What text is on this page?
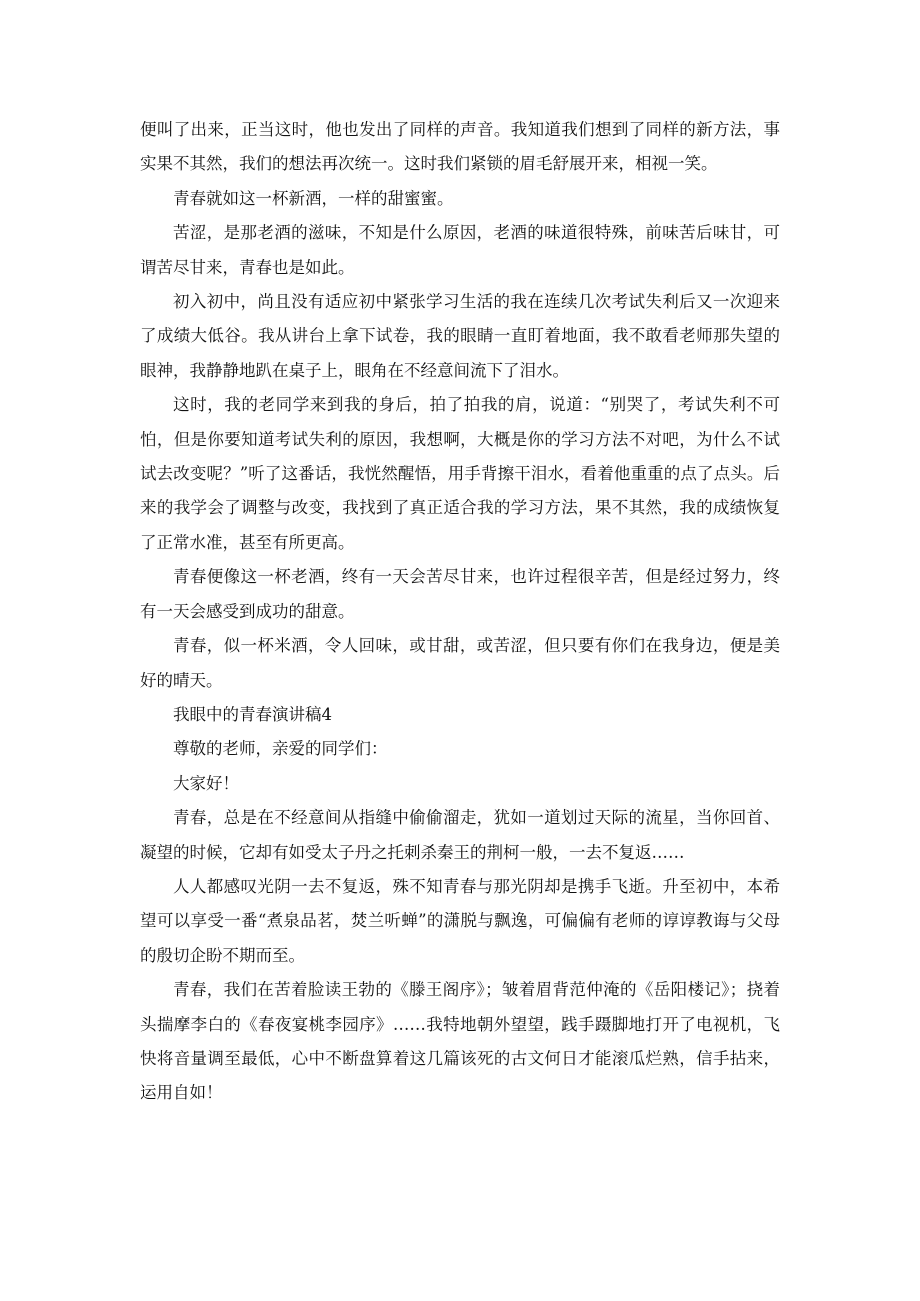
便叫了出来，正当这时，他也发出了同样的声音。我知道我们想到了同样的新方法，事实果不其然，我们的想法再次统一。这时我们紧锁的眉毛舒展开来，相视一笑。

青春就如这一杯新酒，一样的甜蜜蜜。

苦涩，是那老酒的滋味，不知是什么原因，老酒的味道很特殊，前味苦后味甘，可谓苦尽甘来，青春也是如此。

初入初中，尚且没有适应初中紧张学习生活的我在连续几次考试失利后又一次迎来了成绩大低谷。我从讲台上拿下试卷，我的眼睛一直盯着地面，我不敢看老师那失望的眼神，我静静地趴在桌子上，眼角在不经意间流下了泪水。

这时，我的老同学来到我的身后，拍了拍我的肩，说道：“别哭了，考试失利不可怕，但是你要知道考试失利的原因，我想啊，大概是你的学习方法不对吧，为什么不试试去改变呢？”听了这番话，我恍然醒悟，用手背擦干泪水，看着他重重的点了点头。后来的我学会了调整与改变，我找到了真正适合我的学习方法，果不其然，我的成绩恢复了正常水准，甚至有所更高。

青春便像这一杯老酒，终有一天会苦尽甘来，也许过程很辛苦，但是经过努力，终有一天会感受到成功的甜意。

青春，似一杯米酒，令人回味，或甘甜，或苦涩，但只要有你们在我身边，便是美好的晴天。

我眼中的青春演讲稿4

尊敬的老师，亲爱的同学们：

大家好！

青春，总是在不经意间从指缝中偷偷溜走，犹如一道划过天际的流星，当你回首、凝望的时候，它却有如受太子丹之托刺杀秦王的荆柯一般，一去不复返……

人人都感叹光阴一去不复返，殊不知青春与那光阴却是携手飞逝。升至初中，本希望可以享受一番“煮泉品茗，焚兰听蝉”的潇脱与飘逸，可偏偏有老师的谆谆教诲与父母的殷切企盼不期而至。

青春，我们在苦着脸读王勃的《滕王阁序》；皱着眉背范仲淹的《岳阳楼记》；挠着头揣摩李白的《春夜宴桃李园序》……我特地朝外望望，践手蹑脚地打开了电视机，飞快将音量调至最低，心中不断盘算着这几篇该死的古文何日才能滚瓜烂熟，信手拈来，运用自如！
